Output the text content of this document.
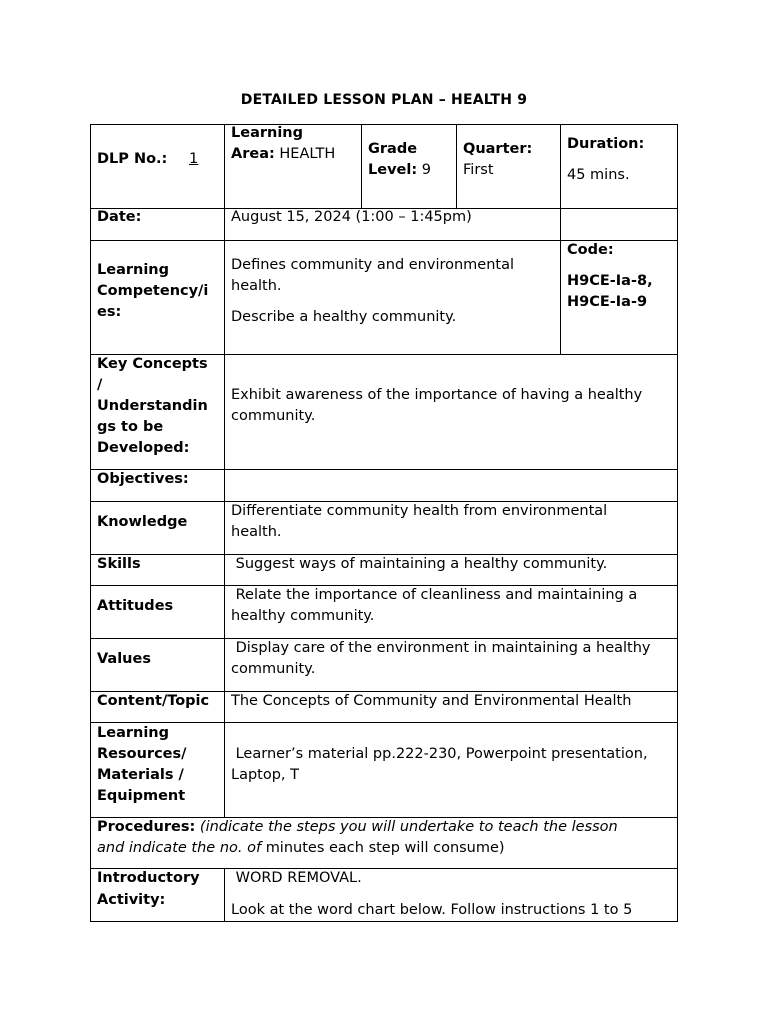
DETAILED LESSON PLAN – HEALTH 9
DLP No.: 1
Learning
Area: HEALTH Grade
Level: 9
Quarter:
First
Duration:
45 mins.
Date:	August 15, 2024 (1:00 – 1:45pm)
Learning
Competency/i
es:
Defines community and environmental
health.
Describe a healthy community.
Code:
H9CE-Ia-8,
H9CE-Ia-9
Key Concepts
/
Understandin
gs to be
Developed:
Exhibit awareness of the importance of having a healthy
community.
Objectives:
Knowledge
Differentiate community health from environmental
health.
Skills	Suggest ways of maintaining a healthy community.
Attitudes
Relate the importance of cleanliness and maintaining a
healthy community.
Values
Display care of the environment in maintaining a healthy
community.
Content/Topic The Concepts of Community and Environmental Health
Learning
Resources/
Materials /
Equipment
Learner’s material pp.222-230, Powerpoint presentation,
Laptop, T
Procedures: (indicate the steps you will undertake to teach the lesson
and indicate the no. of minutes each step will consume)
Introductory
Activity:
WORD REMOVAL.
Look at the word chart below. Follow instructions 1 to 5
